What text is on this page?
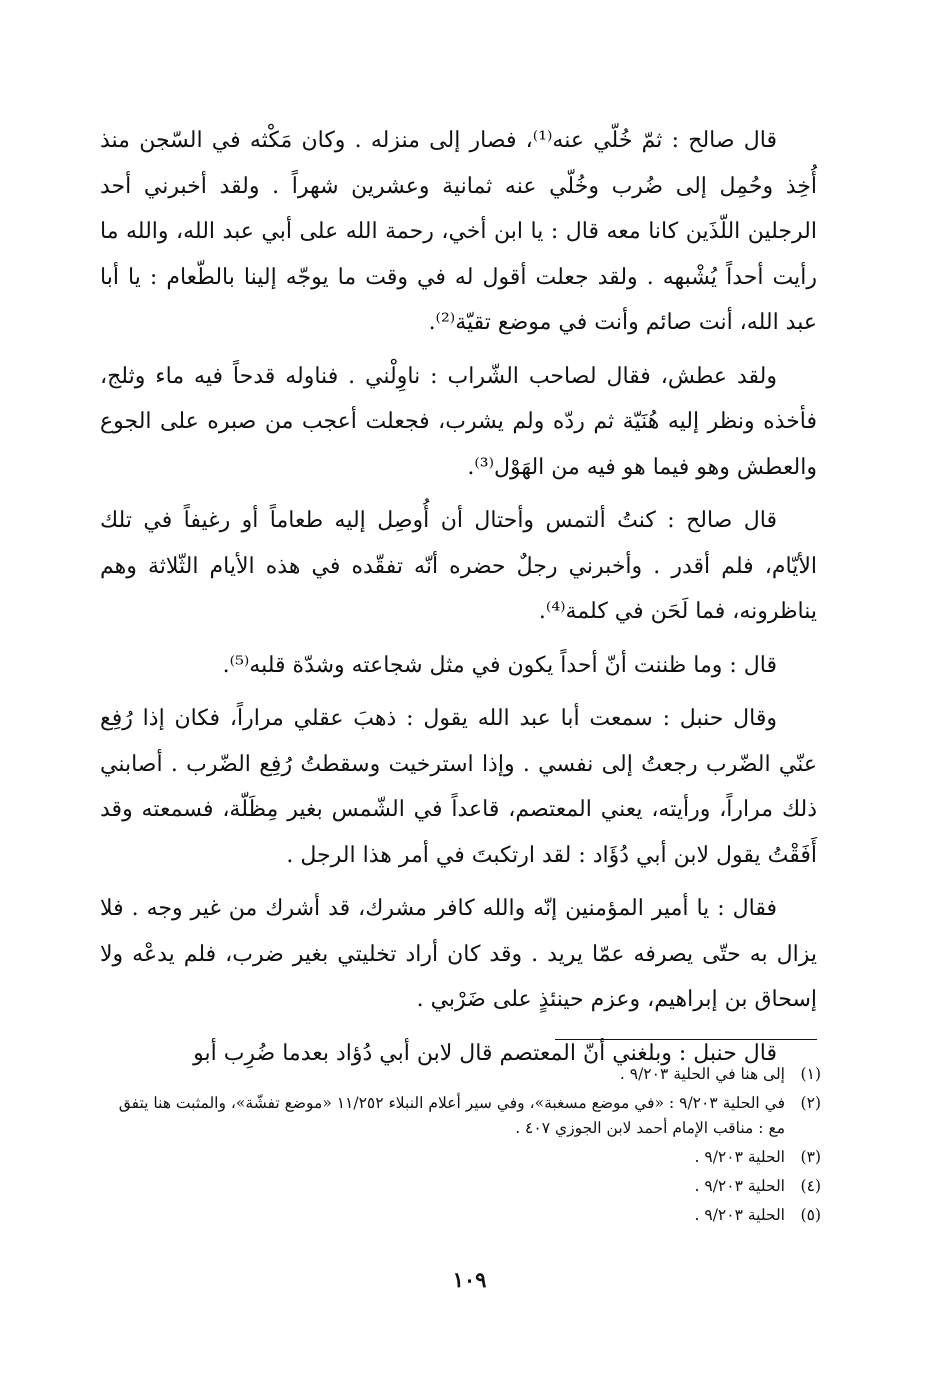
قال صالح : ثمّ خُلّي عنه⁽¹⁾، فصار إلى منزله . وكان مَكْثه في السّجن منذ أُخِذ وحُمِل إلى ضُرب وخُلّي عنه ثمانية وعشرين شهراً . ولقد أخبرني أحد الرجلين اللّذَين كانا معه قال : يا ابن أخي، رحمة الله على أبي عبد الله، والله ما رأيت أحداً يُشْبهه . ولقد جعلت أقول له في وقت ما يوجّه إلينا بالطّعام : يا أبا عبد الله، أنت صائم وأنت في موضع تقيّة⁽²⁾.

ولقد عطش، فقال لصاحب الشّراب : ناوِلْني . فناوله قدحاً فيه ماء وثلج، فأخذه ونظر إليه هُنَيّة ثم ردّه ولم يشرب، فجعلت أعجب من صبره على الجوع والعطش وهو فيما هو فيه من الهَوْل⁽³⁾.

قال صالح : كنتُ ألتمس وأحتال أن أُوصِل إليه طعاماً أو رغيفاً في تلك الأيّام، فلم أقدر . وأخبرني رجلٌ حضره أنّه تفقّده في هذه الأيام الثّلاثة وهم يناظرونه، فما لَحَن في كلمة⁽⁴⁾.

قال : وما ظننت أنّ أحداً يكون في مثل شجاعته وشدّة قلبه⁽⁵⁾.

وقال حنبل : سمعت أبا عبد الله يقول : ذهبَ عقلي مراراً، فكان إذا رُفِع عنّي الضّرب رجعتُ إلى نفسي . وإذا استرخيت وسقطتُ رُفِع الضّرب . أصابني ذلك مراراً، ورأيته، يعني المعتصم، قاعداً في الشّمس بغير مِظَلّة، فسمعته وقد أَفَقْتُ يقول لابن أبي دُؤَاد : لقد ارتكبتَ في أمر هذا الرجل .

فقال : يا أمير المؤمنين إنّه والله كافر مشرك، قد أشرك من غير وجه . فلا يزال به حتّى يصرفه عمّا يريد . وقد كان أراد تخليتي بغير ضرب، فلم يدعْه ولا إسحاق بن إبراهيم، وعزم حينئذٍ على ضَرْبي .

قال حنبل : وبلغني أنّ المعتصم قال لابن أبي دُؤاد بعدما ضُرِب أبو

(١)
إلى هنا في الحلية ٩/٢٠٣ .
(٢)
في الحلية ٩/٢٠٣ : «في موضع مسغبة»، وفي سير أعلام النبلاء ١١/٢٥٢ «موضع تفشّة»، والمثبت هنا يتفق مع : مناقب الإمام أحمد لابن الجوزي ٤٠٧ .
(٣)
الحلية ٩/٢٠٣ .
(٤)
الحلية ٩/٢٠٣ .
(٥)
الحلية ٩/٢٠٣ .
١٠٩
